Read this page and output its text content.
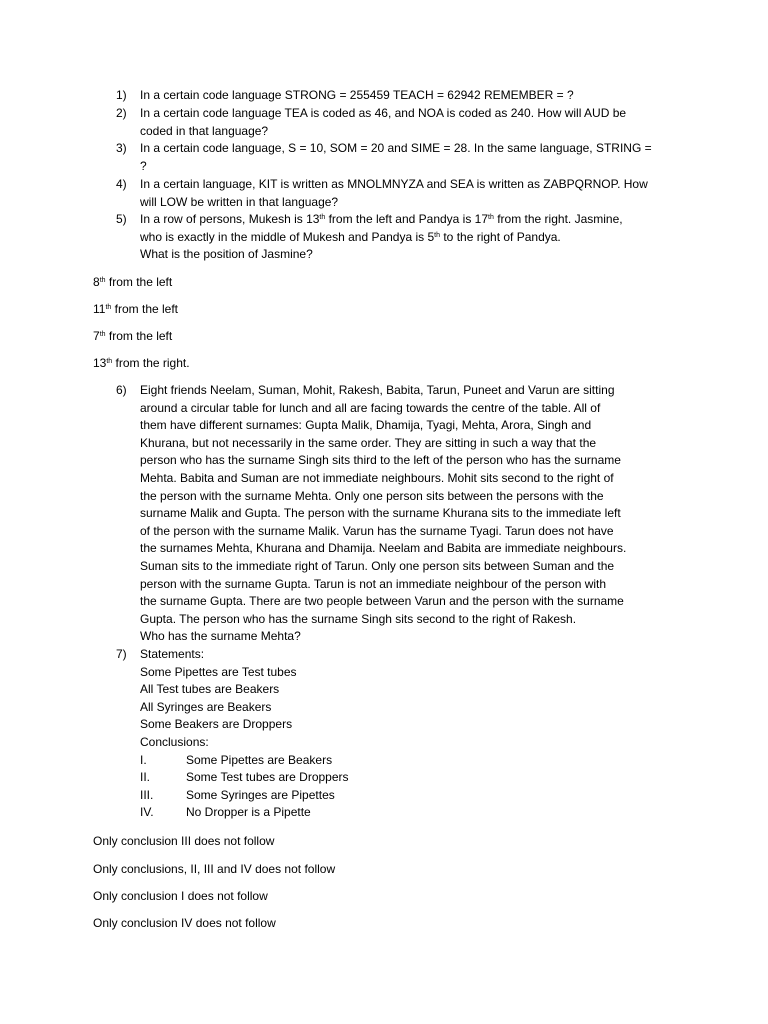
1) In a certain code language STRONG = 255459 TEACH = 62942 REMEMBER = ?
2) In a certain code language TEA is coded as 46, and NOA is coded as 240. How will AUD be
coded in that language?
3) In a certain code language, S = 10, SOM = 20 and SIME = 28. In the same language, STRING =
?
4) In a certain language, KIT is written as MNOLMNYZA and SEA is written as ZABPQRNOP. How
will LOW be written in that language?
5) In a row of persons, Mukesh is 13th from the left and Pandya is 17th from the right. Jasmine,
who is exactly in the middle of Mukesh and Pandya is 5th to the right of Pandya.
What is the position of Jasmine?
8th from the left
11th from the left
7th from the left
13th from the right.
6) Eight friends Neelam, Suman, Mohit, Rakesh, Babita, Tarun, Puneet and Varun are sitting
around a circular table for lunch and all are facing towards the centre of the table. All of
them have different surnames: Gupta Malik, Dhamija, Tyagi, Mehta, Arora, Singh and
Khurana, but not necessarily in the same order. They are sitting in such a way that the
person who has the surname Singh sits third to the left of the person who has the surname
Mehta. Babita and Suman are not immediate neighbours. Mohit sits second to the right of
the person with the surname Mehta. Only one person sits between the persons with the
surname Malik and Gupta. The person with the surname Khurana sits to the immediate left
of the person with the surname Malik. Varun has the surname Tyagi. Tarun does not have
the surnames Mehta, Khurana and Dhamija. Neelam and Babita are immediate neighbours.
Suman sits to the immediate right of Tarun. Only one person sits between Suman and the
person with the surname Gupta. Tarun is not an immediate neighbour of the person with
the surname Gupta. There are two people between Varun and the person with the surname
Gupta. The person who has the surname Singh sits second to the right of Rakesh.
Who has the surname Mehta?
7) Statements:
Some Pipettes are Test tubes
All Test tubes are Beakers
All Syringes are Beakers
Some Beakers are Droppers
Conclusions:
I.	Some Pipettes are Beakers
II.	Some Test tubes are Droppers
III.	Some Syringes are Pipettes
IV.	No Dropper is a Pipette
Only conclusion III does not follow
Only conclusions, II, III and IV does not follow
Only conclusion I does not follow
Only conclusion IV does not follow
